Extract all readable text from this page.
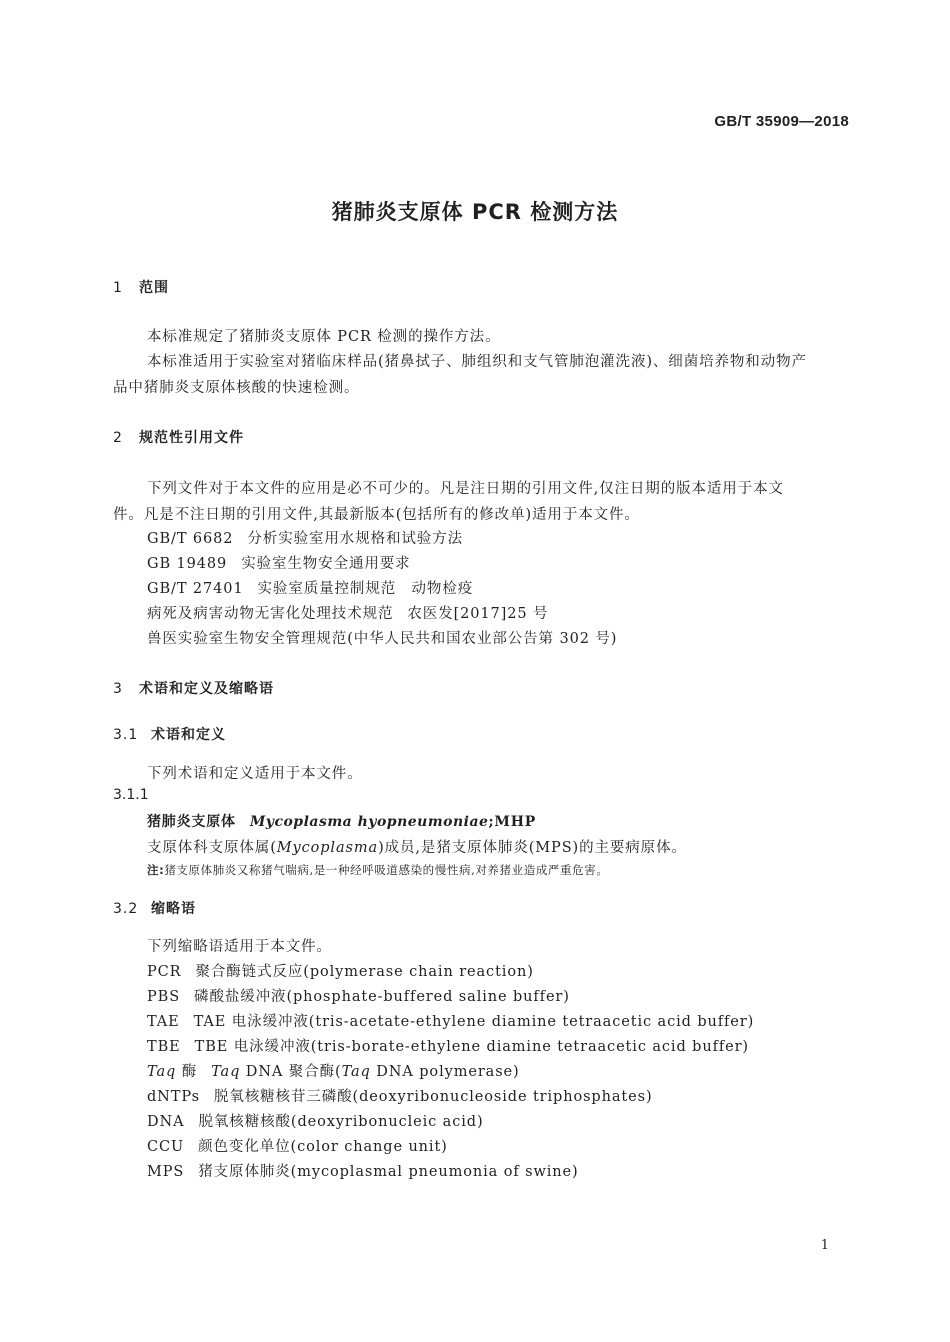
GB/T 35909—2018
猪肺炎支原体 PCR 检测方法
1 范围
本标准规定了猪肺炎支原体 PCR 检测的操作方法。
本标准适用于实验室对猪临床样品(猪鼻拭子、肺组织和支气管肺泡灌洗液)、细菌培养物和动物产
品中猪肺炎支原体核酸的快速检测。
2 规范性引用文件
下列文件对于本文件的应用是必不可少的。凡是注日期的引用文件,仅注日期的版本适用于本文
件。凡是不注日期的引用文件,其最新版本(包括所有的修改单)适用于本文件。
GB/T 6682 分析实验室用水规格和试验方法
GB 19489 实验室生物安全通用要求
GB/T 27401 实验室质量控制规范　动物检疫
病死及病害动物无害化处理技术规范 农医发[2017]25 号
兽医实验室生物安全管理规范(中华人民共和国农业部公告第 302 号)
3 术语和定义及缩略语
3.1 术语和定义
下列术语和定义适用于本文件。
3.1.1
猪肺炎支原体 Mycoplasma hyopneumoniae;MHP
支原体科支原体属(Mycoplasma)成员,是猪支原体肺炎(MPS)的主要病原体。
注:猪支原体肺炎又称猪气喘病,是一种经呼吸道感染的慢性病,对养猪业造成严重危害。
3.2 缩略语
下列缩略语适用于本文件。
PCR 聚合酶链式反应(polymerase chain reaction)
PBS 磷酸盐缓冲液(phosphate-buffered saline buffer)
TAE TAE 电泳缓冲液(tris-acetate-ethylene diamine tetraacetic acid buffer)
TBE TBE 电泳缓冲液(tris-borate-ethylene diamine tetraacetic acid buffer)
Taq 酶 Taq DNA 聚合酶(Taq DNA polymerase)
dNTPs 脱氧核糖核苷三磷酸(deoxyribonucleoside triphosphates)
DNA 脱氧核糖核酸(deoxyribonucleic acid)
CCU 颜色变化单位(color change unit)
MPS 猪支原体肺炎(mycoplasmal pneumonia of swine)
1
